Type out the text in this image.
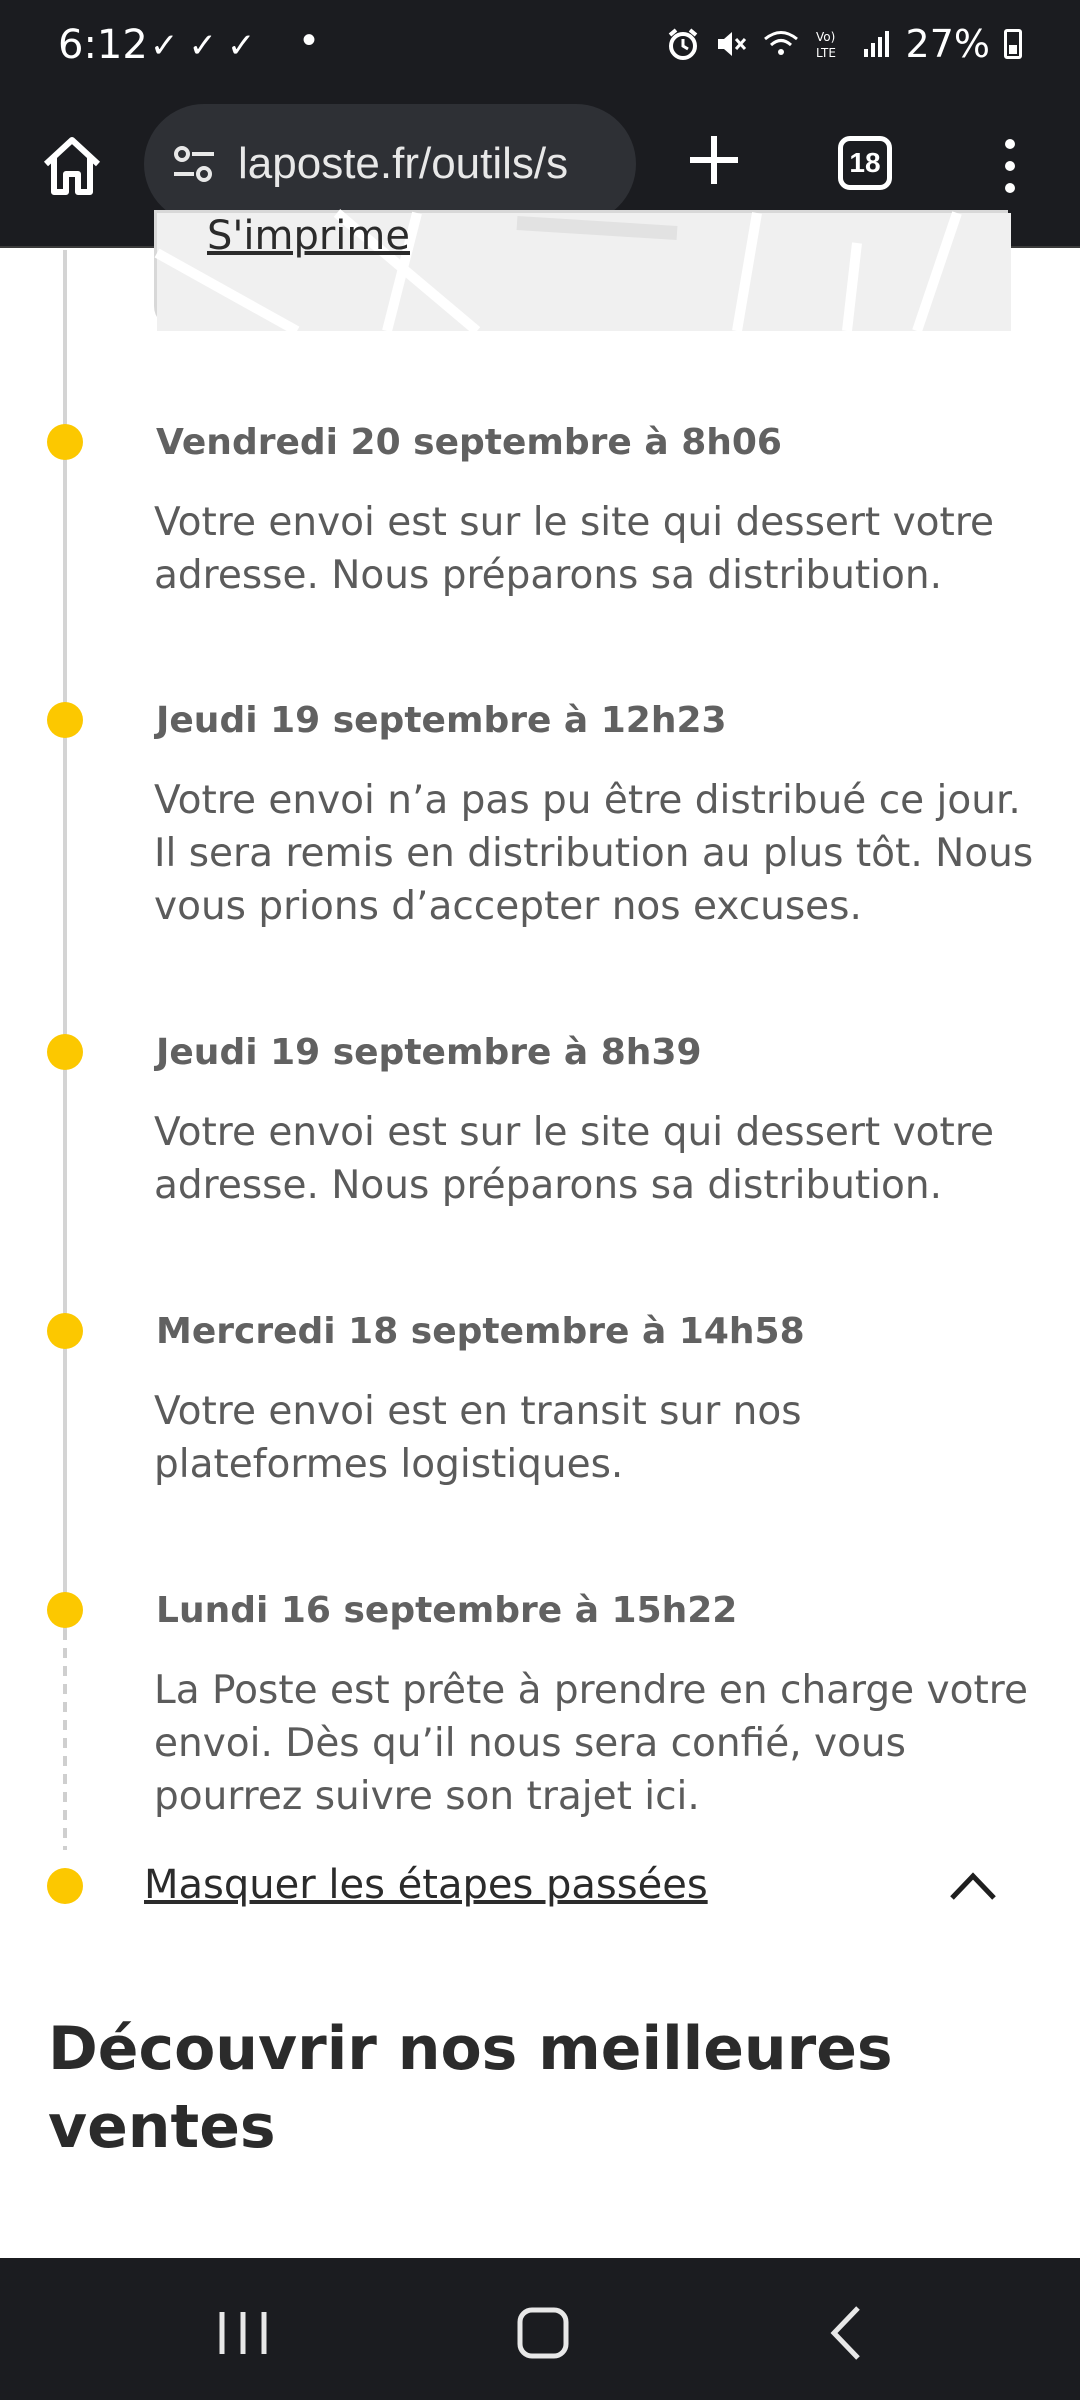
6:12 ✓✓✓ •	Vo)
LTE 27%
laposte.fr/outils/s	18
S'imprime
Vendredi 20 septembre à 8h06
Votre envoi est sur le site qui dessert votre adresse. Nous préparons sa distribution.
Jeudi 19 septembre à 12h23
Votre envoi n’a pas pu être distribué ce jour. Il sera remis en distribution au plus tôt. Nous vous prions d’accepter nos excuses.
Jeudi 19 septembre à 8h39
Votre envoi est sur le site qui dessert votre adresse. Nous préparons sa distribution.
Mercredi 18 septembre à 14h58
Votre envoi est en transit sur nos plateformes logistiques.
Lundi 16 septembre à 15h22
La Poste est prête à prendre en charge votre envoi. Dès qu’il nous sera confié, vous pourrez suivre son trajet ici.
Masquer les étapes passées
Découvrir nos meilleures ventes
